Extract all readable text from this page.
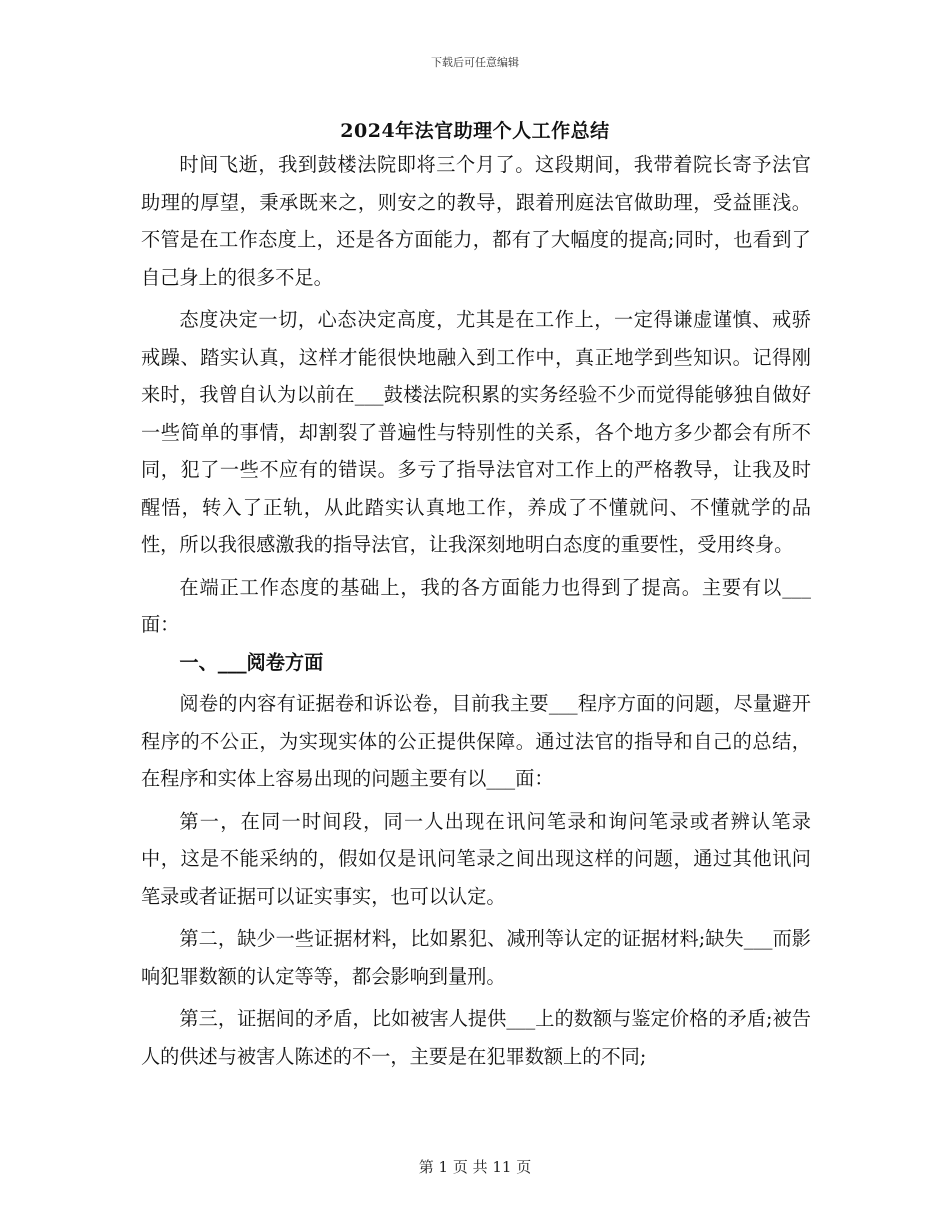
下载后可任意编辑
2024年法官助理个人工作总结

时间飞逝，我到鼓楼法院即将三个月了。这段期间，我带着院长寄予法官助理的厚望，秉承既来之，则安之的教导，跟着刑庭法官做助理，受益匪浅。不管是在工作态度上，还是各方面能力，都有了大幅度的提高;同时，也看到了自己身上的很多不足。

态度决定一切，心态决定高度，尤其是在工作上，一定得谦虚谨慎、戒骄戒躁、踏实认真，这样才能很快地融入到工作中，真正地学到些知识。记得刚来时，我曾自认为以前在___鼓楼法院积累的实务经验不少而觉得能够独自做好一些简单的事情，却割裂了普遍性与特别性的关系，各个地方多少都会有所不同，犯了一些不应有的错误。多亏了指导法官对工作上的严格教导，让我及时醒悟，转入了正轨，从此踏实认真地工作，养成了不懂就问、不懂就学的品性，所以我很感激我的指导法官，让我深刻地明白态度的重要性，受用终身。

在端正工作态度的基础上，我的各方面能力也得到了提高。主要有以___面：

一、___阅卷方面

阅卷的内容有证据卷和诉讼卷，目前我主要___程序方面的问题，尽量避开程序的不公正，为实现实体的公正提供保障。通过法官的指导和自己的总结，在程序和实体上容易出现的问题主要有以___面：

第一，在同一时间段，同一人出现在讯问笔录和询问笔录或者辨认笔录中，这是不能采纳的，假如仅是讯问笔录之间出现这样的问题，通过其他讯问笔录或者证据可以证实事实，也可以认定。

第二，缺少一些证据材料，比如累犯、减刑等认定的证据材料;缺失___而影响犯罪数额的认定等等，都会影响到量刑。

第三，证据间的矛盾，比如被害人提供___上的数额与鉴定价格的矛盾;被告人的供述与被害人陈述的不一，主要是在犯罪数额上的不同;

第 1 页 共 11 页
